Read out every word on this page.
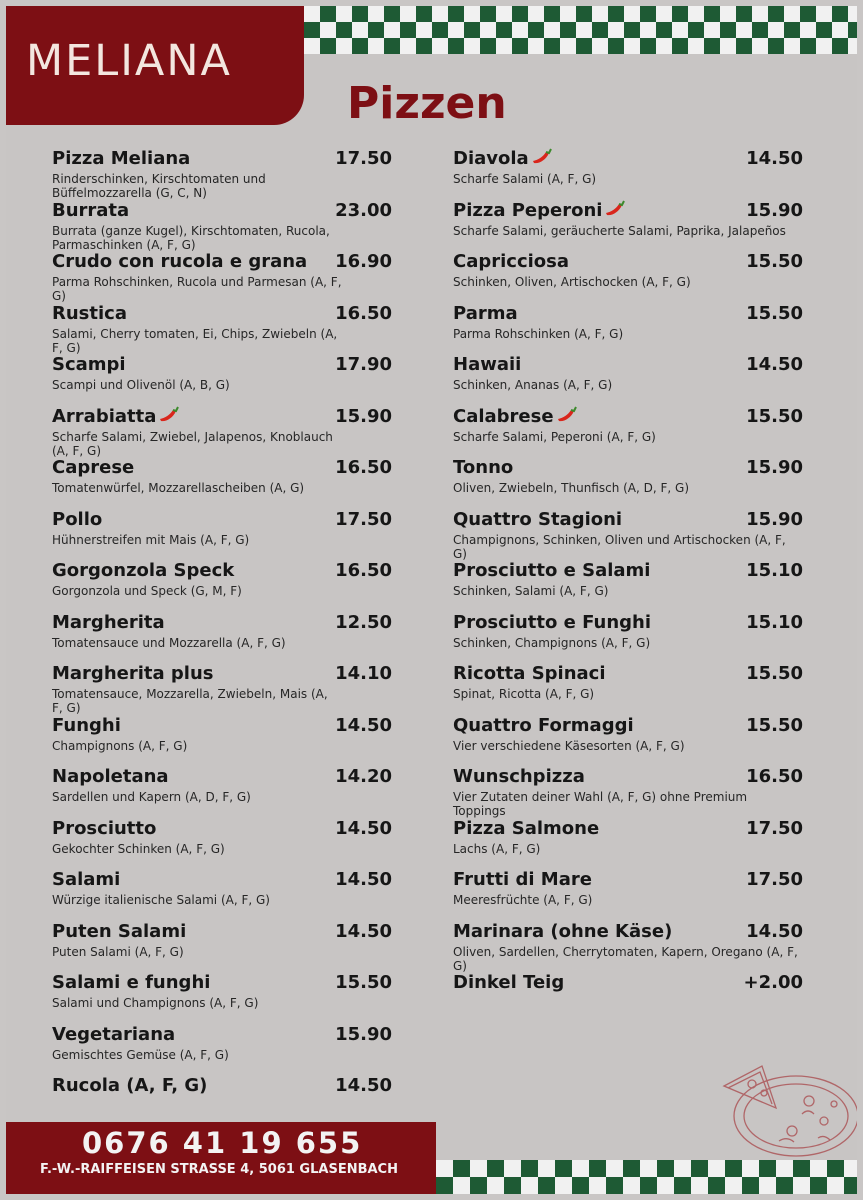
MELIANA
Pizzen
Pizza Meliana	17.50
Rinderschinken, Kirschtomaten und Büffelmozzarella (G, C, N)
Burrata	23.00
Burrata (ganze Kugel), Kirschtomaten, Rucola, Parmaschinken (A, F, G)
Crudo con rucola e grana 16.90
Parma Rohschinken, Rucola und Parmesan (A, F, G)
Rustica	16.50
Salami, Cherry tomaten, Ei, Chips, Zwiebeln (A, F, G)
Scampi	17.90
Scampi und Olivenöl (A, B, G)
Arrabiatta	15.90
Scharfe Salami, Zwiebel, Jalapenos, Knoblauch (A, F, G)
Caprese	16.50
Tomatenwürfel, Mozzarellascheiben (A, G)
Pollo	17.50
Hühnerstreifen mit Mais (A, F, G)
Gorgonzola Speck	16.50
Gorgonzola und Speck (G, M, F)
Margherita	12.50
Tomatensauce und Mozzarella (A, F, G)
Margherita plus	14.10
Tomatensauce, Mozzarella, Zwiebeln, Mais (A, F, G)
Funghi	14.50
Champignons (A, F, G)
Napoletana	14.20
Sardellen und Kapern (A, D, F, G)
Prosciutto	14.50
Gekochter Schinken (A, F, G)
Salami	14.50
Würzige italienische Salami (A, F, G)
Puten Salami	14.50
Puten Salami (A, F, G)
Salami e funghi	15.50
Salami und Champignons (A, F, G)
Vegetariana	15.90
Gemischtes Gemüse (A, F, G)
Rucola (A, F, G)	14.50
Diavola	14.50
Scharfe Salami (A, F, G)
Pizza Peperoni	15.90
Scharfe Salami, geräucherte Salami, Paprika, Jalapeños
Capricciosa	15.50
Schinken, Oliven, Artischocken (A, F, G)
Parma	15.50
Parma Rohschinken (A, F, G)
Hawaii	14.50
Schinken, Ananas (A, F, G)
Calabrese	15.50
Scharfe Salami, Peperoni (A, F, G)
Tonno	15.90
Oliven, Zwiebeln, Thunfisch (A, D, F, G)
Quattro Stagioni	15.90
Champignons, Schinken, Oliven und Artischocken (A, F, G)
Prosciutto e Salami	15.10
Schinken, Salami (A, F, G)
Prosciutto e Funghi	15.10
Schinken, Champignons (A, F, G)
Ricotta Spinaci	15.50
Spinat, Ricotta (A, F, G)
Quattro Formaggi	15.50
Vier verschiedene Käsesorten (A, F, G)
Wunschpizza	16.50
Vier Zutaten deiner Wahl (A, F, G) ohne Premium Toppings
Pizza Salmone	17.50
Lachs (A, F, G)
Frutti di Mare	17.50
Meeresfrüchte (A, F, G)
Marinara (ohne Käse)	14.50
Oliven, Sardellen, Cherrytomaten, Kapern, Oregano (A, F, G)
Dinkel Teig	+2.00
0676 41 19 655
F.-W.-RAIFFEISEN STRASSE 4, 5061 GLASENBACH
